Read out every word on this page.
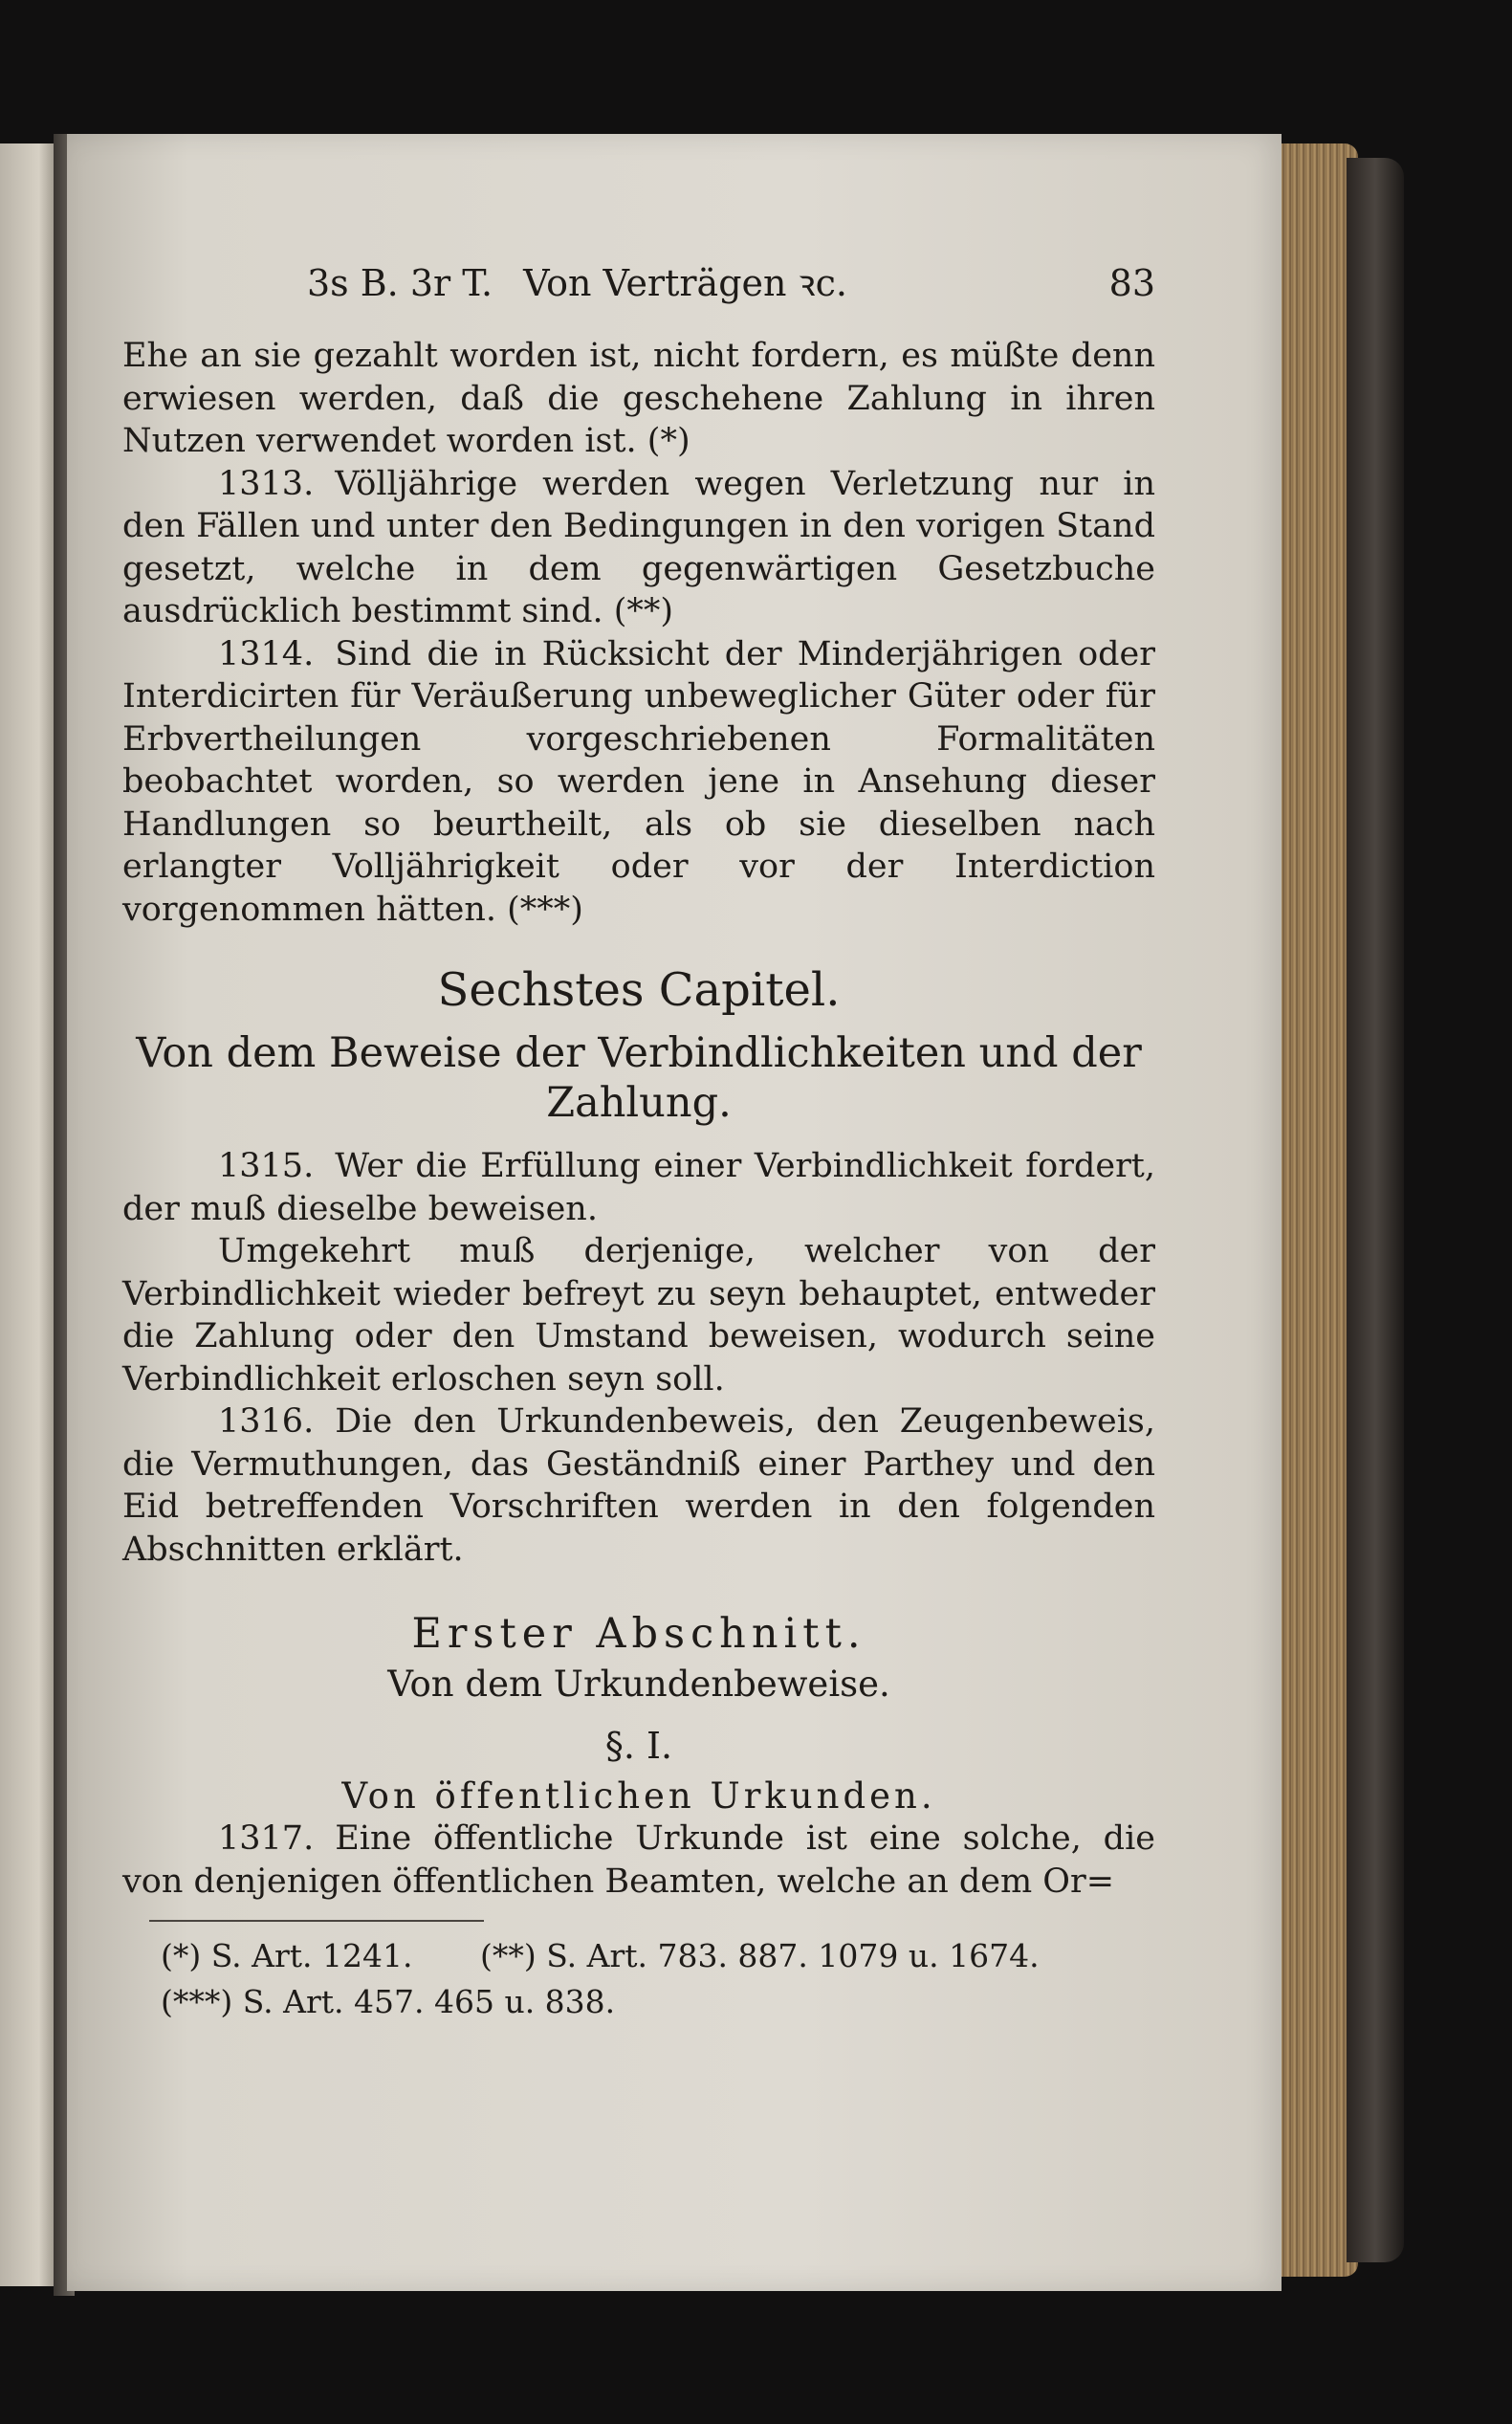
3s B. 3r T. Von Verträgen ꝛc.	83

Ehe an sie gezahlt worden ist, nicht fordern, es müßte denn erwiesen werden, daß die geschehene Zahlung in ihren Nutzen verwendet worden ist. (*)

1313. Völljährige werden wegen Verletzung nur in den Fällen und unter den Bedingungen in den vorigen Stand gesetzt, welche in dem gegenwärtigen Gesetzbuche ausdrücklich bestimmt sind. (**)

1314. Sind die in Rücksicht der Minderjährigen oder Interdicirten für Veräußerung unbeweglicher Güter oder für Erbvertheilungen vorgeschriebenen Formalitäten beobachtet worden, so werden jene in Ansehung dieser Handlungen so beurtheilt, als ob sie dieselben nach erlangter Volljährigkeit oder vor der Interdiction vorgenommen hätten. (***)

Sechstes Capitel.
Von dem Beweise der Verbindlichkeiten und der Zahlung.

1315. Wer die Erfüllung einer Verbindlichkeit fordert, der muß dieselbe beweisen.

Umgekehrt muß derjenige, welcher von der Verbindlichkeit wieder befreyt zu seyn behauptet, entweder die Zahlung oder den Umstand beweisen, wodurch seine Verbindlichkeit erloschen seyn soll.

1316. Die den Urkundenbeweis, den Zeugenbeweis, die Vermuthungen, das Geständniß einer Parthey und den Eid betreffenden Vorschriften werden in den folgenden Abschnitten erklärt.

Erster Abschnitt.
Von dem Urkundenbeweise.
§. I.
Von öffentlichen Urkunden.

1317. Eine öffentliche Urkunde ist eine solche, die von denjenigen öffentlichen Beamten, welche an dem Or=

(*) S. Art. 1241. (**) S. Art. 783. 887. 1079 u. 1674.
(***) S. Art. 457. 465 u. 838.
